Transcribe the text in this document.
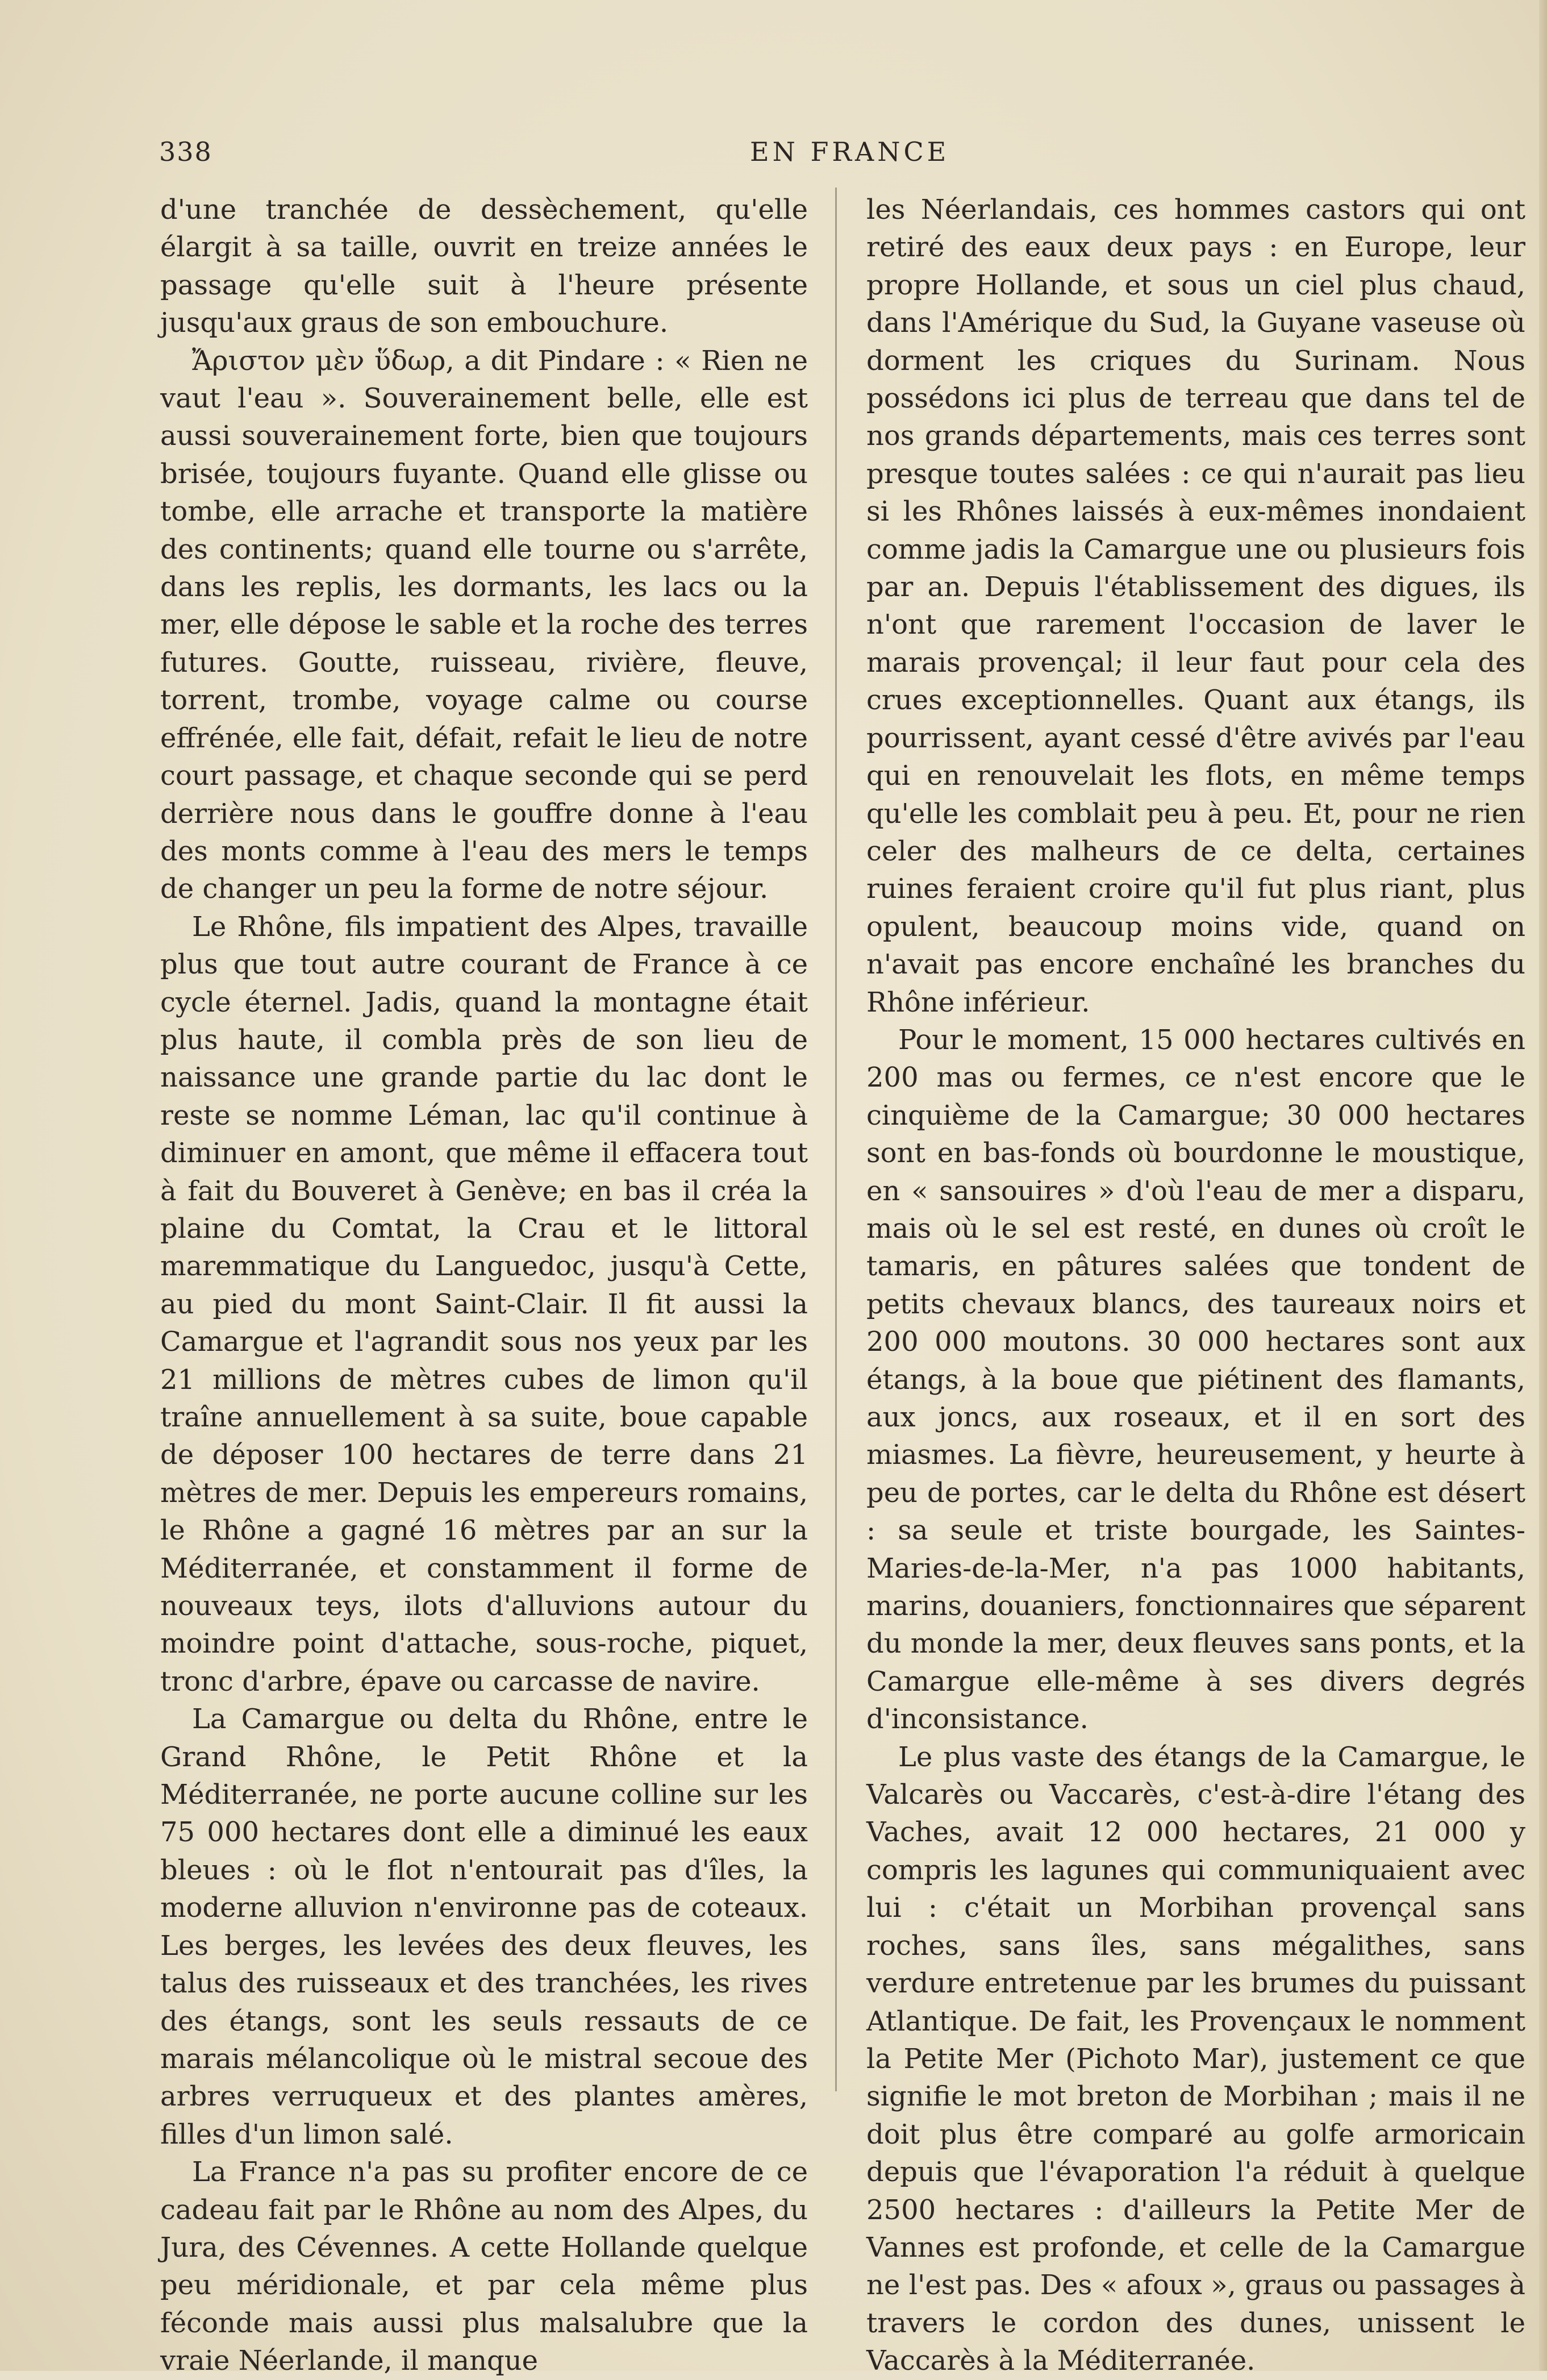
338	EN FRANCE

d'une tranchée de dessèchement, qu'elle élargit à sa taille, ouvrit en treize années le passage qu'elle suit à l'heure présente jusqu'aux graus de son embouchure.

Ἄριστον μὲν ὕδωρ, a dit Pindare : « Rien ne vaut l'eau ». Souverainement belle, elle est aussi souverainement forte, bien que toujours brisée, toujours fuyante. Quand elle glisse ou tombe, elle arrache et transporte la matière des continents; quand elle tourne ou s'arrête, dans les replis, les dormants, les lacs ou la mer, elle dépose le sable et la roche des terres futures. Goutte, ruisseau, rivière, fleuve, torrent, trombe, voyage calme ou course effrénée, elle fait, défait, refait le lieu de notre court passage, et chaque seconde qui se perd derrière nous dans le gouffre donne à l'eau des monts comme à l'eau des mers le temps de changer un peu la forme de notre séjour.

Le Rhône, fils impatient des Alpes, travaille plus que tout autre courant de France à ce cycle éternel. Jadis, quand la montagne était plus haute, il combla près de son lieu de naissance une grande partie du lac dont le reste se nomme Léman, lac qu'il continue à diminuer en amont, que même il effacera tout à fait du Bouveret à Genève; en bas il créa la plaine du Comtat, la Crau et le littoral maremmatique du Languedoc, jusqu'à Cette, au pied du mont Saint-Clair. Il fit aussi la Camargue et l'agrandit sous nos yeux par les 21 millions de mètres cubes de limon qu'il traîne annuellement à sa suite, boue capable de déposer 100 hectares de terre dans 21 mètres de mer. Depuis les empereurs romains, le Rhône a gagné 16 mètres par an sur la Méditerranée, et constamment il forme de nouveaux teys, ilots d'alluvions autour du moindre point d'attache, sous-roche, piquet, tronc d'arbre, épave ou carcasse de navire.

La Camargue ou delta du Rhône, entre le Grand Rhône, le Petit Rhône et la Méditerranée, ne porte aucune colline sur les 75 000 hectares dont elle a diminué les eaux bleues : où le flot n'entourait pas d'îles, la moderne alluvion n'environne pas de coteaux. Les berges, les levées des deux fleuves, les talus des ruisseaux et des tranchées, les rives des étangs, sont les seuls ressauts de ce marais mélancolique où le mistral secoue des arbres verruqueux et des plantes amères, filles d'un limon salé.

La France n'a pas su profiter encore de ce cadeau fait par le Rhône au nom des Alpes, du Jura, des Cévennes. A cette Hollande quelque peu méridionale, et par cela même plus féconde mais aussi plus malsalubre que la vraie Néerlande, il manque

les Néerlandais, ces hommes castors qui ont retiré des eaux deux pays : en Europe, leur propre Hollande, et sous un ciel plus chaud, dans l'Amérique du Sud, la Guyane vaseuse où dorment les criques du Surinam. Nous possédons ici plus de terreau que dans tel de nos grands départements, mais ces terres sont presque toutes salées : ce qui n'aurait pas lieu si les Rhônes laissés à eux-mêmes inondaient comme jadis la Camargue une ou plusieurs fois par an. Depuis l'établissement des digues, ils n'ont que rarement l'occasion de laver le marais provençal; il leur faut pour cela des crues exceptionnelles. Quant aux étangs, ils pourrissent, ayant cessé d'être avivés par l'eau qui en renouvelait les flots, en même temps qu'elle les comblait peu à peu. Et, pour ne rien celer des malheurs de ce delta, certaines ruines feraient croire qu'il fut plus riant, plus opulent, beaucoup moins vide, quand on n'avait pas encore enchaîné les branches du Rhône inférieur.

Pour le moment, 15 000 hectares cultivés en 200 mas ou fermes, ce n'est encore que le cinquième de la Camargue; 30 000 hectares sont en bas-fonds où bourdonne le moustique, en « sansouires » d'où l'eau de mer a disparu, mais où le sel est resté, en dunes où croît le tamaris, en pâtures salées que tondent de petits chevaux blancs, des taureaux noirs et 200 000 moutons. 30 000 hectares sont aux étangs, à la boue que piétinent des flamants, aux joncs, aux roseaux, et il en sort des miasmes. La fièvre, heureusement, y heurte à peu de portes, car le delta du Rhône est désert : sa seule et triste bourgade, les Saintes-Maries-de-la-Mer, n'a pas 1000 habitants, marins, douaniers, fonctionnaires que séparent du monde la mer, deux fleuves sans ponts, et la Camargue elle-même à ses divers degrés d'inconsistance.

Le plus vaste des étangs de la Camargue, le Valcarès ou Vaccarès, c'est-à-dire l'étang des Vaches, avait 12 000 hectares, 21 000 y compris les lagunes qui communiquaient avec lui : c'était un Morbihan provençal sans roches, sans îles, sans mégalithes, sans verdure entretenue par les brumes du puissant Atlantique. De fait, les Provençaux le nomment la Petite Mer (Pichoto Mar), justement ce que signifie le mot breton de Morbihan ; mais il ne doit plus être comparé au golfe armoricain depuis que l'évaporation l'a réduit à quelque 2500 hectares : d'ailleurs la Petite Mer de Vannes est profonde, et celle de la Camargue ne l'est pas. Des « afoux », graus ou passages à travers le cordon des dunes, unissent le Vaccarès à la Méditerranée.
